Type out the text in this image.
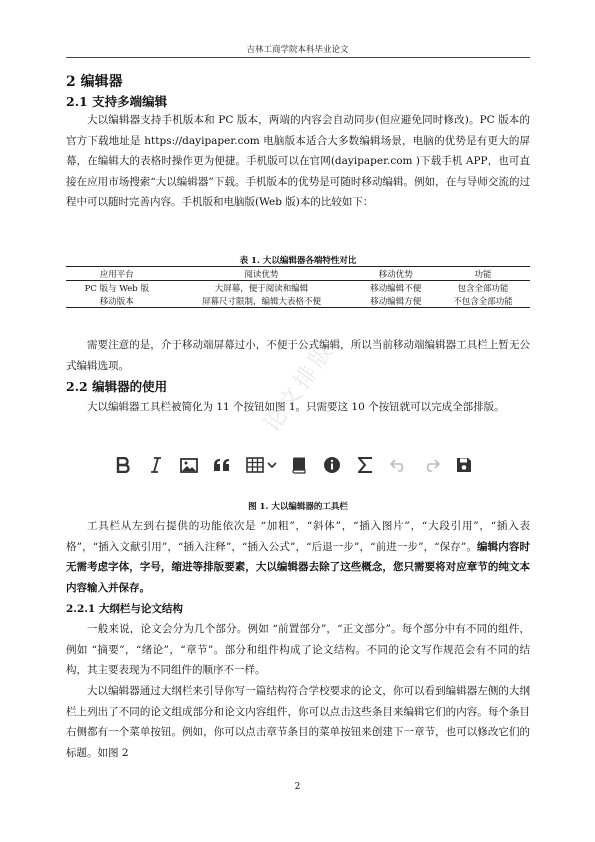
吉林工商学院本科毕业论文
论文排版
2 编辑器
2.1 支持多端编辑
大以编辑器支持手机版本和 PC 版本，两端的内容会自动同步(但应避免同时修改)。PC 版本的官方下载地址是 https://dayipaper.com 电脑版本适合大多数编辑场景，电脑的优势是有更大的屏幕，在编辑大的表格时操作更为便捷。手机版可以在官网(dayipaper.com )下载手机 APP，也可直接在应用市场搜索“大以编辑器”下载。手机版本的优势是可随时移动编辑。例如，在与导师交流的过程中可以随时完善内容。手机版和电脑版(Web 版)本的比较如下：
表 1. 大以编辑器各端特性对比
应用平台	阅读优势	移动优势	功能
PC 版与 Web 版	大屏幕，便于阅读和编辑	移动编辑不便	包含全部功能
移动版本	屏幕尺寸限制，编辑大表格不便	移动编辑方便	不包含全部功能
需要注意的是，介于移动端屏幕过小，不便于公式编辑，所以当前移动端编辑器工具栏上暂无公式编辑选项。
2.2 编辑器的使用
大以编辑器工具栏被简化为 11 个按钮如图 1。只需要这 10 个按钮就可以完成全部排版。
图 1. 大以编辑器的工具栏
工具栏从左到右提供的功能依次是 “加粗”，“斜体”，“插入图片”，“大段引用”，“插入表格”，“插入文献引用”，“插入注释”，“插入公式”，“后退一步”，“前进一步”，“保存”。编辑内容时无需考虑字体，字号，缩进等排版要素，大以编辑器去除了这些概念，您只需要将对应章节的纯文本内容输入并保存。
2.2.1 大纲栏与论文结构
一般来说，论文会分为几个部分。例如 “前置部分”，“正文部分”。每个部分中有不同的组件，例如 “摘要”，“绪论”，“章节”。部分和组件构成了论文结构。不同的论文写作规范会有不同的结构，其主要表现为不同组件的顺序不一样。
大以编辑器通过大纲栏来引导你写一篇结构符合学校要求的论文，你可以看到编辑器左侧的大纲栏上列出了不同的论文组成部分和论文内容组件，你可以点击这些条目来编辑它们的内容。每个条目右侧都有一个菜单按钮。例如，你可以点击章节条目的菜单按钮来创建下一章节，也可以修改它们的标题。如图 2
2
